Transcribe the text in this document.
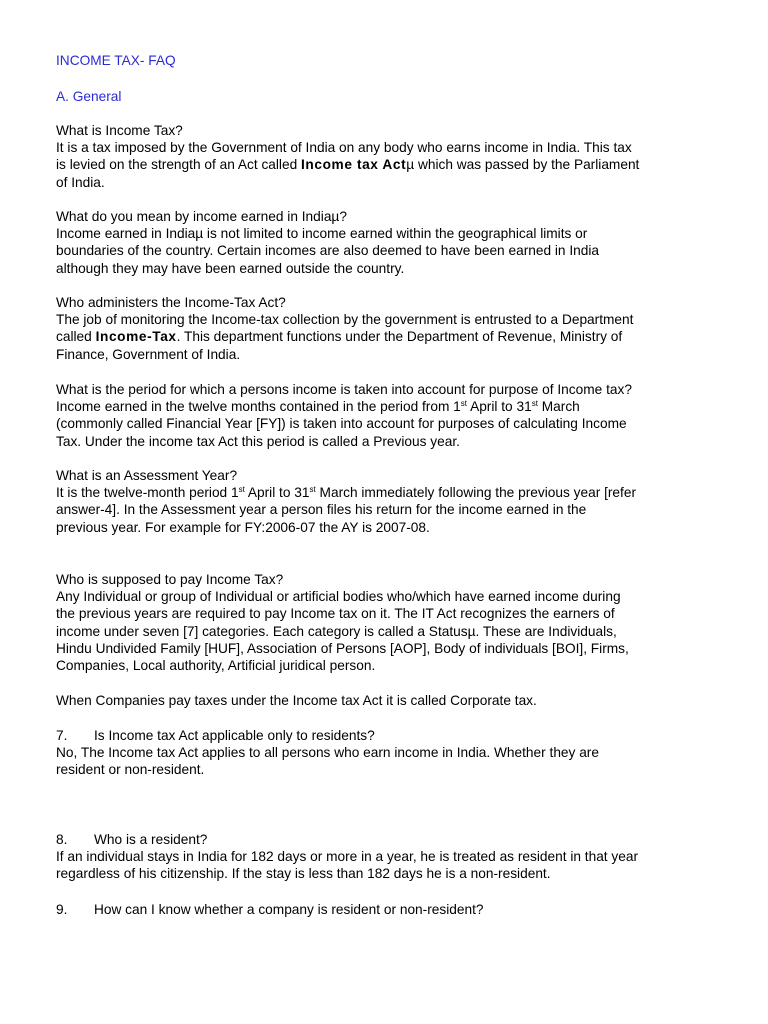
INCOME TAX- FAQ
A. General
What is Income Tax?
It is a tax imposed by the Government of India on any body who earns income in India. This tax
is levied on the strength of an Act called Income tax Actµ which was passed by the Parliament
of India.
What do you mean by income earned in Indiaµ?
Income earned in Indiaµ is not limited to income earned within the geographical limits or
boundaries of the country. Certain incomes are also deemed to have been earned in India
although they may have been earned outside the country.
Who administers the Income-Tax Act?
The job of monitoring the Income-tax collection by the government is entrusted to a Department
called Income-Tax. This department functions under the Department of Revenue, Ministry of
Finance, Government of India.
What is the period for which a persons income is taken into account for purpose of Income tax?
Income earned in the twelve months contained in the period from 1st April to 31st March
(commonly called Financial Year [FY]) is taken into account for purposes of calculating Income
Tax. Under the income tax Act this period is called a Previous year.
What is an Assessment Year?
It is the twelve-month period 1st April to 31st March immediately following the previous year [refer
answer-4]. In the Assessment year a person files his return for the income earned in the
previous year. For example for FY:2006-07 the AY is 2007-08.
Who is supposed to pay Income Tax?
Any Individual or group of Individual or artificial bodies who/which have earned income during
the previous years are required to pay Income tax on it. The IT Act recognizes the earners of
income under seven [7] categories. Each category is called a Statusµ. These are Individuals,
Hindu Undivided Family [HUF], Association of Persons [AOP], Body of individuals [BOI], Firms,
Companies, Local authority, Artificial juridical person.
When Companies pay taxes under the Income tax Act it is called Corporate tax.
7. Is Income tax Act applicable only to residents?
No, The Income tax Act applies to all persons who earn income in India. Whether they are
resident or non-resident.
8. Who is a resident?
If an individual stays in India for 182 days or more in a year, he is treated as resident in that year
regardless of his citizenship. If the stay is less than 182 days he is a non-resident.
9. How can I know whether a company is resident or non-resident?
